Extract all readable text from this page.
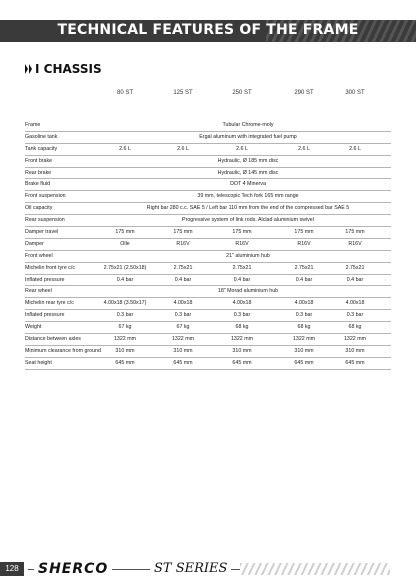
TECHNICAL FEATURES OF THE FRAME
I CHASSIS
80 ST	125 ST	250 ST	290 ST	300 ST
Frame	Tubular Chrome-moly
Gasoline tank	Ergal aluminum with integrated fuel pump
Tank capacity	2.6 L	2.6 L	2.6 L	2.6 L	2.6 L
Front brake	Hydraulic, Ø 185 mm disc
Rear brake	Hydraulic, Ø 145 mm disc
Brake fluid	DOT 4 Minerva
Front suspension	39 mm, telescopic Tech fork 165 mm range
Oil capacity	Right bar 280 c.c. SAE 5 / Left bar 110 mm from the end of the compressed bar SAE 5
Rear suspension	Progressive system of link rods. Alclad aluminium swivel
Damper travel	175 mm	175 mm	175 mm	175 mm	175 mm
Damper	Olle	R16V	R16V	R16V	R16V
Front wheel	21" aluminium hub
Michelin front tyre c/c	2.75x21 (2.50x18)	2.75x21	2.75x21	2.75x21	2.75x21
Inflated pressure	0.4 bar	0.4 bar	0.4 bar	0.4 bar	0.4 bar
Rear wheel	18" Morad aluminium hub
Michelin rear tyre c/c	4.00x18 (3.50x17)	4.00x18	4.00x18	4.00x18	4.00x18
Inflated pressure	0.3 bar	0.3 bar	0.3 bar	0.3 bar	0.3 bar
Weight	67 kg	67 kg	68 kg	68 kg	68 kg
Distance between axles	1322 mm	1322 mm	1322 mm	1322 mm	1322 mm
Minimum clearance from ground	310 mm	310 mm	310 mm	310 mm	310 mm
Seat height	645 mm	645 mm	645 mm	645 mm	645 mm
128	SHERCO	ST SERIES
